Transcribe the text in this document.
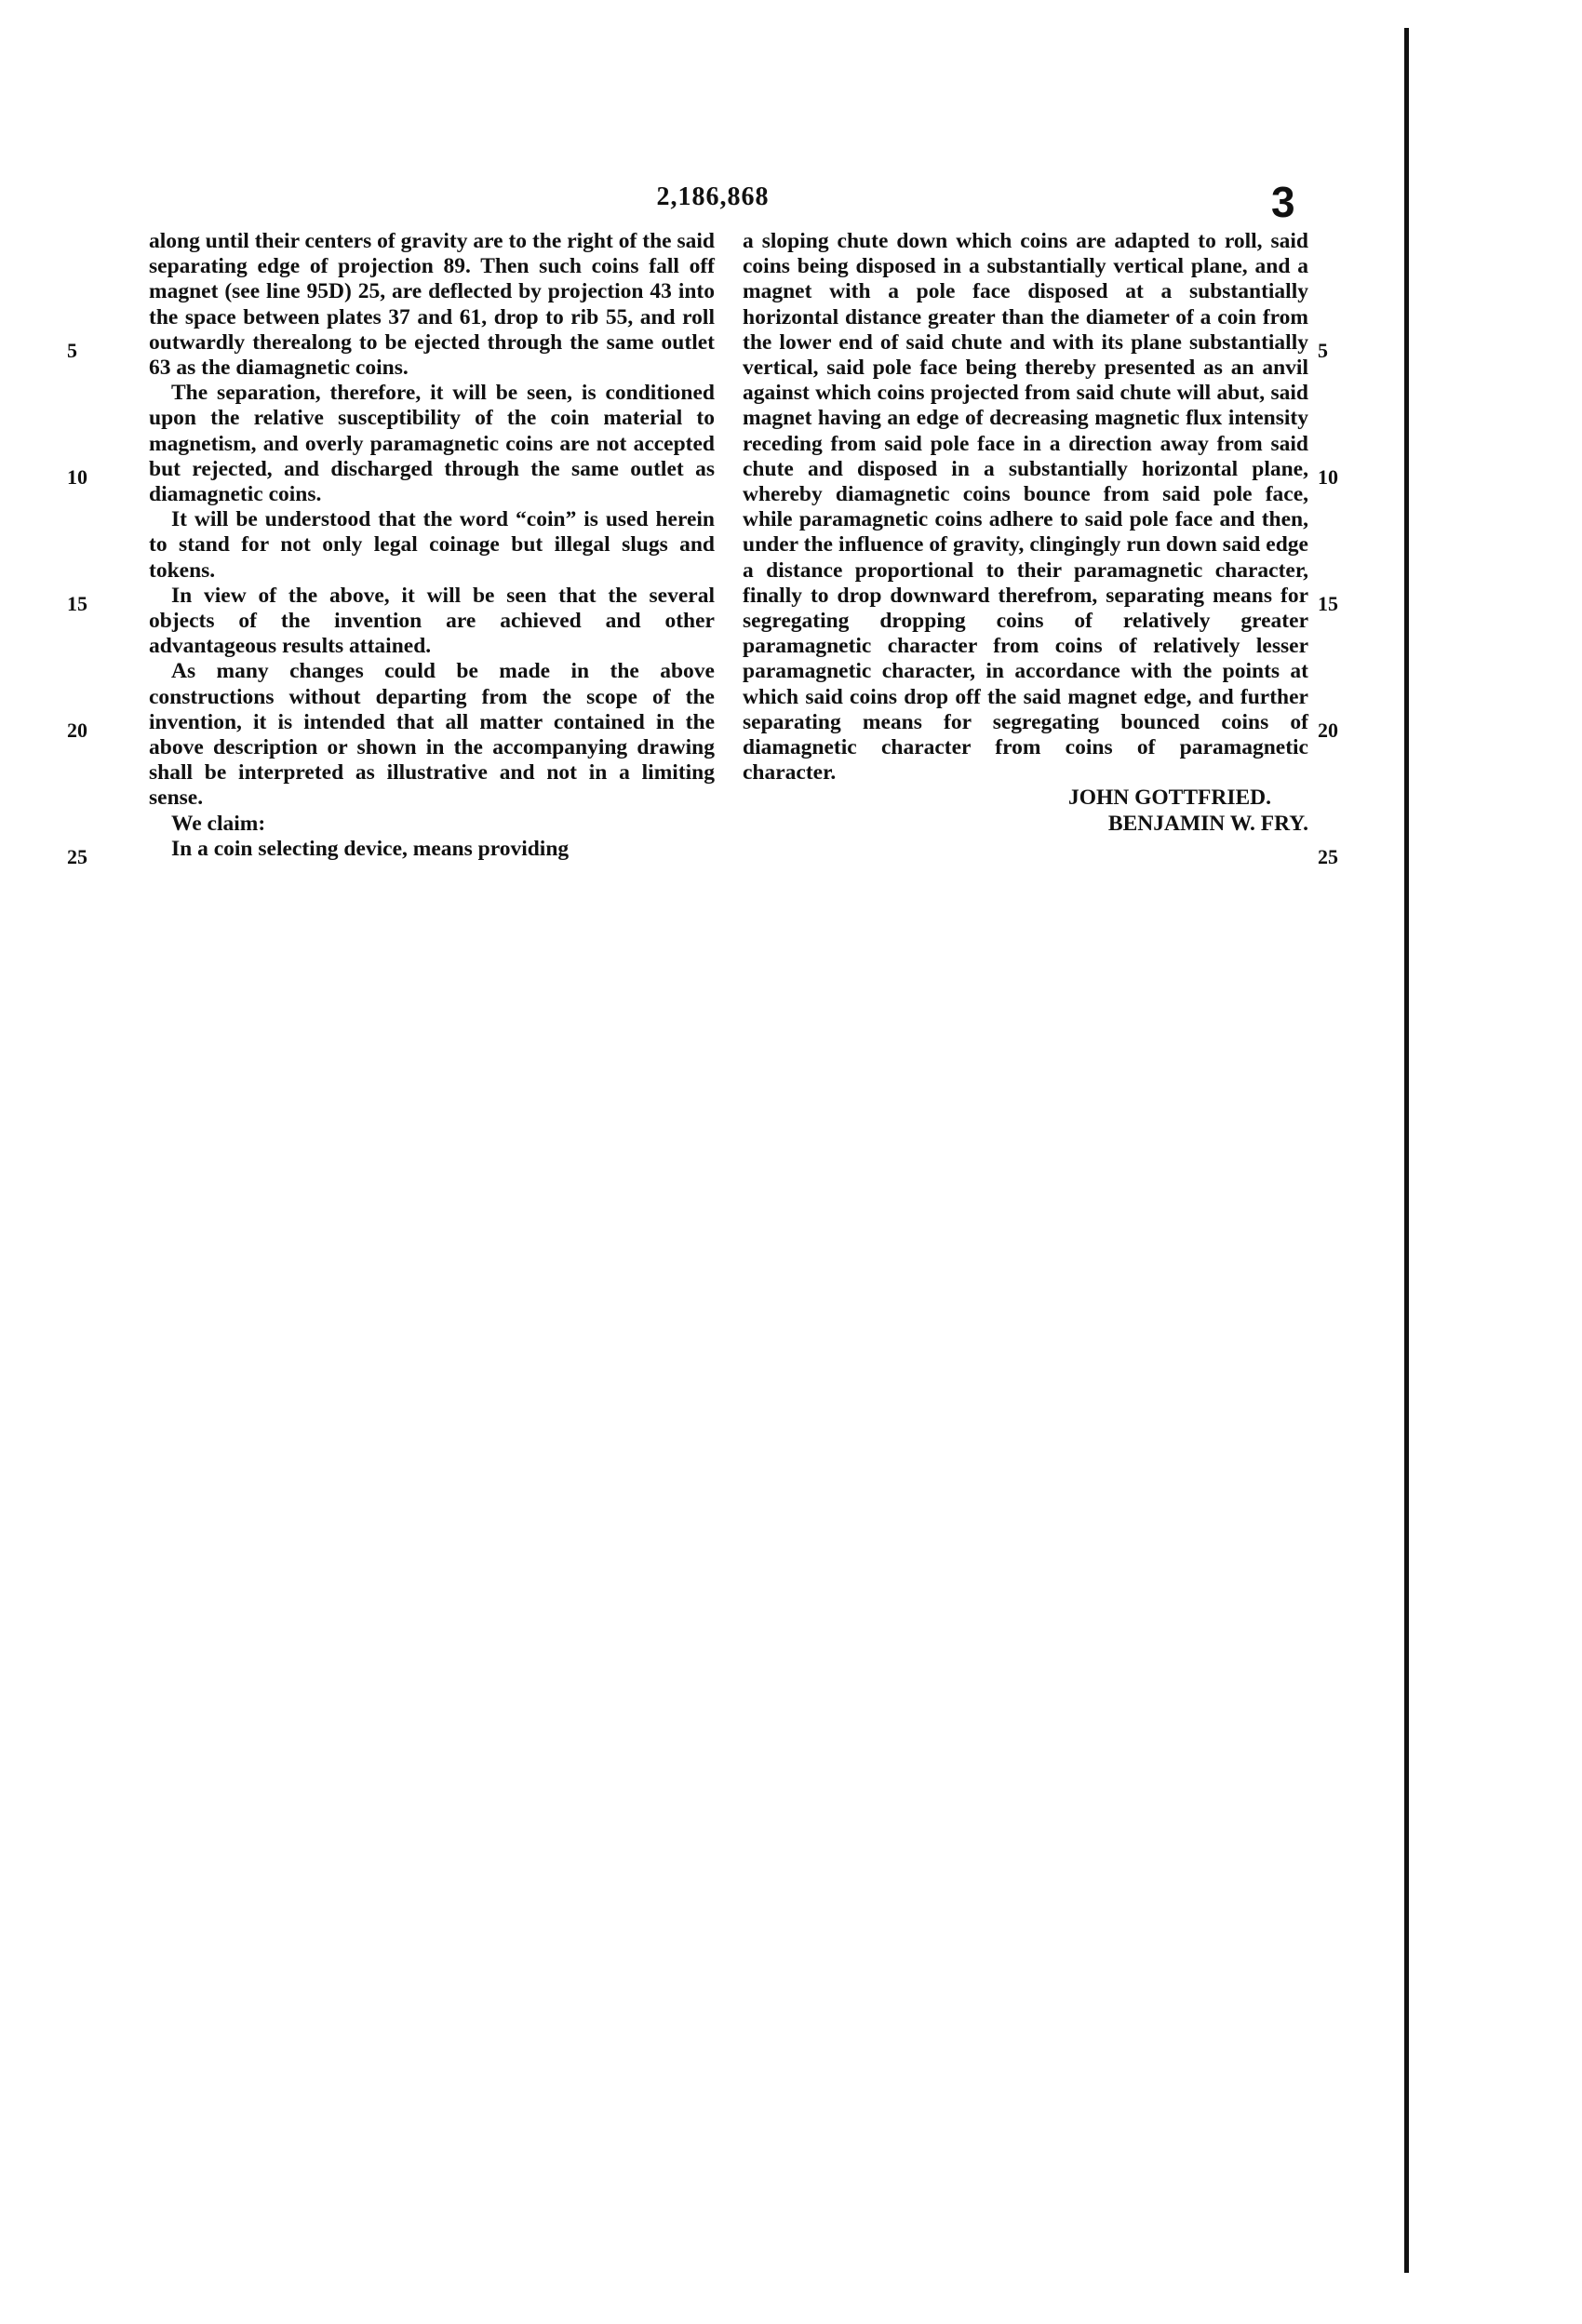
2,186,868	3

along until their centers of gravity are to the right of the said separating edge of projection 89. Then such coins fall off magnet (see line 95D) 25, are deflected by projection 43 into the space between plates 37 and 61, drop to rib 55, and roll outwardly therealong to be ejected through the same outlet 63 as the diamagnetic coins.

The separation, therefore, it will be seen, is conditioned upon the relative susceptibility of the coin material to magnetism, and overly paramagnetic coins are not accepted but rejected, and discharged through the same outlet as diamagnetic coins.

It will be understood that the word “coin” is used herein to stand for not only legal coinage but illegal slugs and tokens.

In view of the above, it will be seen that the several objects of the invention are achieved and other advantageous results attained.

As many changes could be made in the above constructions without departing from the scope of the invention, it is intended that all matter contained in the above description or shown in the accompanying drawing shall be interpreted as illustrative and not in a limiting sense.

We claim:

In a coin selecting device, means providing

a sloping chute down which coins are adapted to roll, said coins being disposed in a substantially vertical plane, and a magnet with a pole face disposed at a substantially horizontal distance greater than the diameter of a coin from the lower end of said chute and with its plane substantially vertical, said pole face being thereby presented as an anvil against which coins projected from said chute will abut, said magnet having an edge of decreasing magnetic flux intensity receding from said pole face in a direction away from said chute and disposed in a substantially horizontal plane, whereby diamagnetic coins bounce from said pole face, while paramagnetic coins adhere to said pole face and then, under the influence of gravity, clingingly run down said edge a distance proportional to their paramagnetic character, finally to drop downward therefrom, separating means for segregating dropping coins of relatively greater paramagnetic character from coins of relatively lesser paramagnetic character, in accordance with the points at which said coins drop off the said magnet edge, and further separating means for segregating bounced coins of diamagnetic character from coins of paramagnetic character.

JOHN GOTTFRIED.

BENJAMIN W. FRY.

5
10
15
20
25
5
10
15
20
25
